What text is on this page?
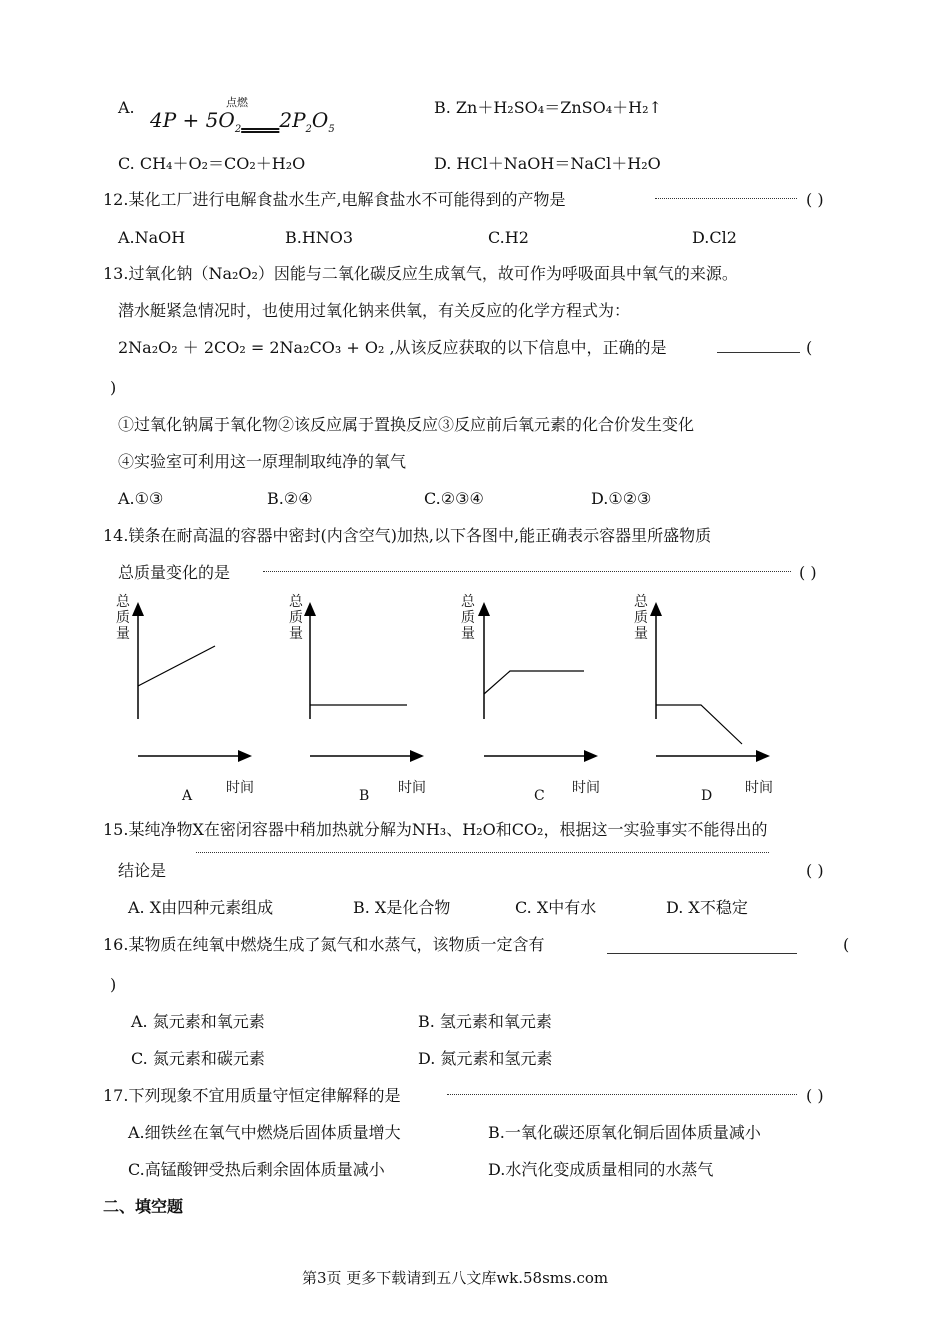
A.	点燃
$4P + 5O_2$ $2P_2O_5$
B. Zn＋H₂SO₄＝ZnSO₄＋H₂↑
C. CH₄＋O₂＝CO₂＋H₂O	D. HCl＋NaOH＝NaCl＋H₂O
12.某化工厂进行电解食盐水生产,电解食盐水不可能得到的产物是	( )
A.NaOH	B.HNO3	C.H2	D.Cl2
13.过氧化钠（Na₂O₂）因能与二氧化碳反应生成氧气，故可作为呼吸面具中氧气的来源。
潜水艇紧急情况时，也使用过氧化钠来供氧，有关反应的化学方程式为：
2Na₂O₂ ＋ 2CO₂ = 2Na₂CO₃ + O₂ ,从该反应获取的以下信息中，正确的是	(
)
①过氧化钠属于氧化物②该反应属于置换反应③反应前后氧元素的化合价发生变化
④实验室可利用这一原理制取纯净的氧气
A.①③	B.②④	C.②③④	D.①②③
14.镁条在耐高温的容器中密封(内含空气)加热,以下各图中,能正确表示容器里所盛物质
总质量变化的是	( )
总质量
A 时间
总质量
B 时间
总质量
C 时间
总质量
D 时间
15.某纯净物X在密闭容器中稍加热就分解为NH₃、H₂O和CO₂，根据这一实验事实不能得出的
结论是	( )
A. X由四种元素组成	B. X是化合物	C. X中有水	D. X不稳定
16.某物质在纯氧中燃烧生成了氮气和水蒸气，该物质一定含有	(
)
A. 氮元素和氧元素	B. 氢元素和氧元素
C. 氮元素和碳元素	D. 氮元素和氢元素
17.下列现象不宜用质量守恒定律解释的是	( )
A.细铁丝在氧气中燃烧后固体质量增大	B.一氧化碳还原氧化铜后固体质量减小
C.高锰酸钾受热后剩余固体质量减小	D.水汽化变成质量相同的水蒸气
二、填空题
第3页 更多下载请到五八文库wk.58sms.com
